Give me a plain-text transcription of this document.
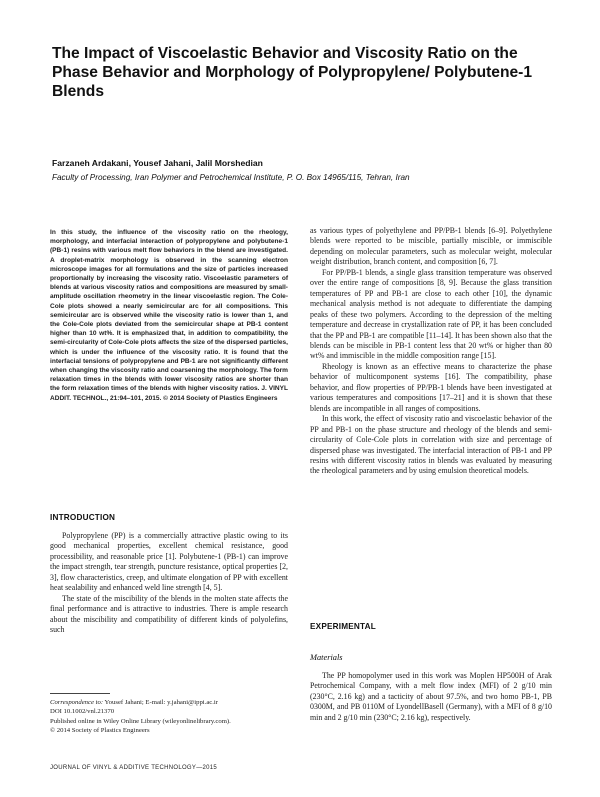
The Impact of Viscoelastic Behavior and Viscosity Ratio on the Phase Behavior and Morphology of Polypropylene/ Polybutene-1 Blends
Farzaneh Ardakani, Yousef Jahani, Jalil Morshedian
Faculty of Processing, Iran Polymer and Petrochemical Institute, P. O. Box 14965/115, Tehran, Iran
In this study, the influence of the viscosity ratio on the rheology, morphology, and interfacial interaction of polypropylene and polybutene-1 (PB-1) resins with various melt flow behaviors in the blend are investigated. A droplet-matrix morphology is observed in the scanning electron microscope images for all formulations and the size of particles increased proportionally by increasing the viscosity ratio. Viscoelastic parameters of blends at various viscosity ratios and compositions are measured by small-amplitude oscillation rheometry in the linear viscoelastic region. The Cole-Cole plots showed a nearly semicircular arc for all compositions. This semicircular arc is observed while the viscosity ratio is lower than 1, and the Cole-Cole plots deviated from the semicircular shape at PB-1 content higher than 10 wt%. It is emphasized that, in addition to compatibility, the semi-circularity of Cole-Cole plots affects the size of the dispersed particles, which is under the influence of the viscosity ratio. It is found that the interfacial tensions of polypropylene and PB-1 are not significantly different when changing the viscosity ratio and coarsening the morphology. The form relaxation times in the blends with lower viscosity ratios are shorter than the form relaxation times of the blends with higher viscosity ratios. J. VINYL ADDIT. TECHNOL., 21:94–101, 2015. © 2014 Society of Plastics Engineers
INTRODUCTION

Polypropylene (PP) is a commercially attractive plastic owing to its good mechanical properties, excellent chemical resistance, good processibility, and reasonable price [1]. Polybutene-1 (PB-1) can improve the impact strength, tear strength, puncture resistance, optical properties [2, 3], flow characteristics, creep, and ultimate elongation of PP with excellent heat sealability and enhanced weld line strength [4, 5].

The state of the miscibility of the blends in the molten state affects the final performance and is attractive to industries. There is ample research about the miscibility and compatibility of different kinds of polyolefins, such

Correspondence to: Yousef Jahani; E-mail: y.jahani@ippi.ac.ir
DOI 10.1002/vnl.21370
Published online in Wiley Online Library (wileyonlinelibrary.com).
© 2014 Society of Plastics Engineers

as various types of polyethylene and PP/PB-1 blends [6–9]. Polyethylene blends were reported to be miscible, partially miscible, or immiscible depending on molecular parameters, such as molecular weight, molecular weight distribution, branch content, and composition [6, 7].

For PP/PB-1 blends, a single glass transition temperature was observed over the entire range of compositions [8, 9]. Because the glass transition temperatures of PP and PB-1 are close to each other [10], the dynamic mechanical analysis method is not adequate to differentiate the damping peaks of these two polymers. According to the depression of the melting temperature and decrease in crystallization rate of PP, it has been concluded that the PP and PB-1 are compatible [11–14]. It has been shown also that the blends can be miscible in PB-1 content less that 20 wt% or higher than 80 wt% and immiscible in the middle composition range [15].

Rheology is known as an effective means to characterize the phase behavior of multicomponent systems [16]. The compatibility, phase behavior, and flow properties of PP/PB-1 blends have been investigated at various temperatures and compositions [17–21] and it is shown that these blends are incompatible in all ranges of compositions.

In this work, the effect of viscosity ratio and viscoelastic behavior of the PP and PB-1 on the phase structure and rheology of the blends and semi-circularity of Cole-Cole plots in correlation with size and percentage of dispersed phase was investigated. The interfacial interaction of PB-1 and PP resins with different viscosity ratios in blends was evaluated by measuring the rheological parameters and by using emulsion theoretical models.

EXPERIMENTAL
Materials

The PP homopolymer used in this work was Moplen HP500H of Arak Petrochemical Company, with a melt flow index (MFI) of 2 g/10 min (230°C, 2.16 kg) and a tacticity of about 97.5%, and two homo PB-1, PB 0300M, and PB 0110M of LyondellBasell (Germany), with a MFI of 8 g/10 min and 2 g/10 min (230°C; 2.16 kg), respectively.

JOURNAL OF VINYL & ADDITIVE TECHNOLOGY—2015
